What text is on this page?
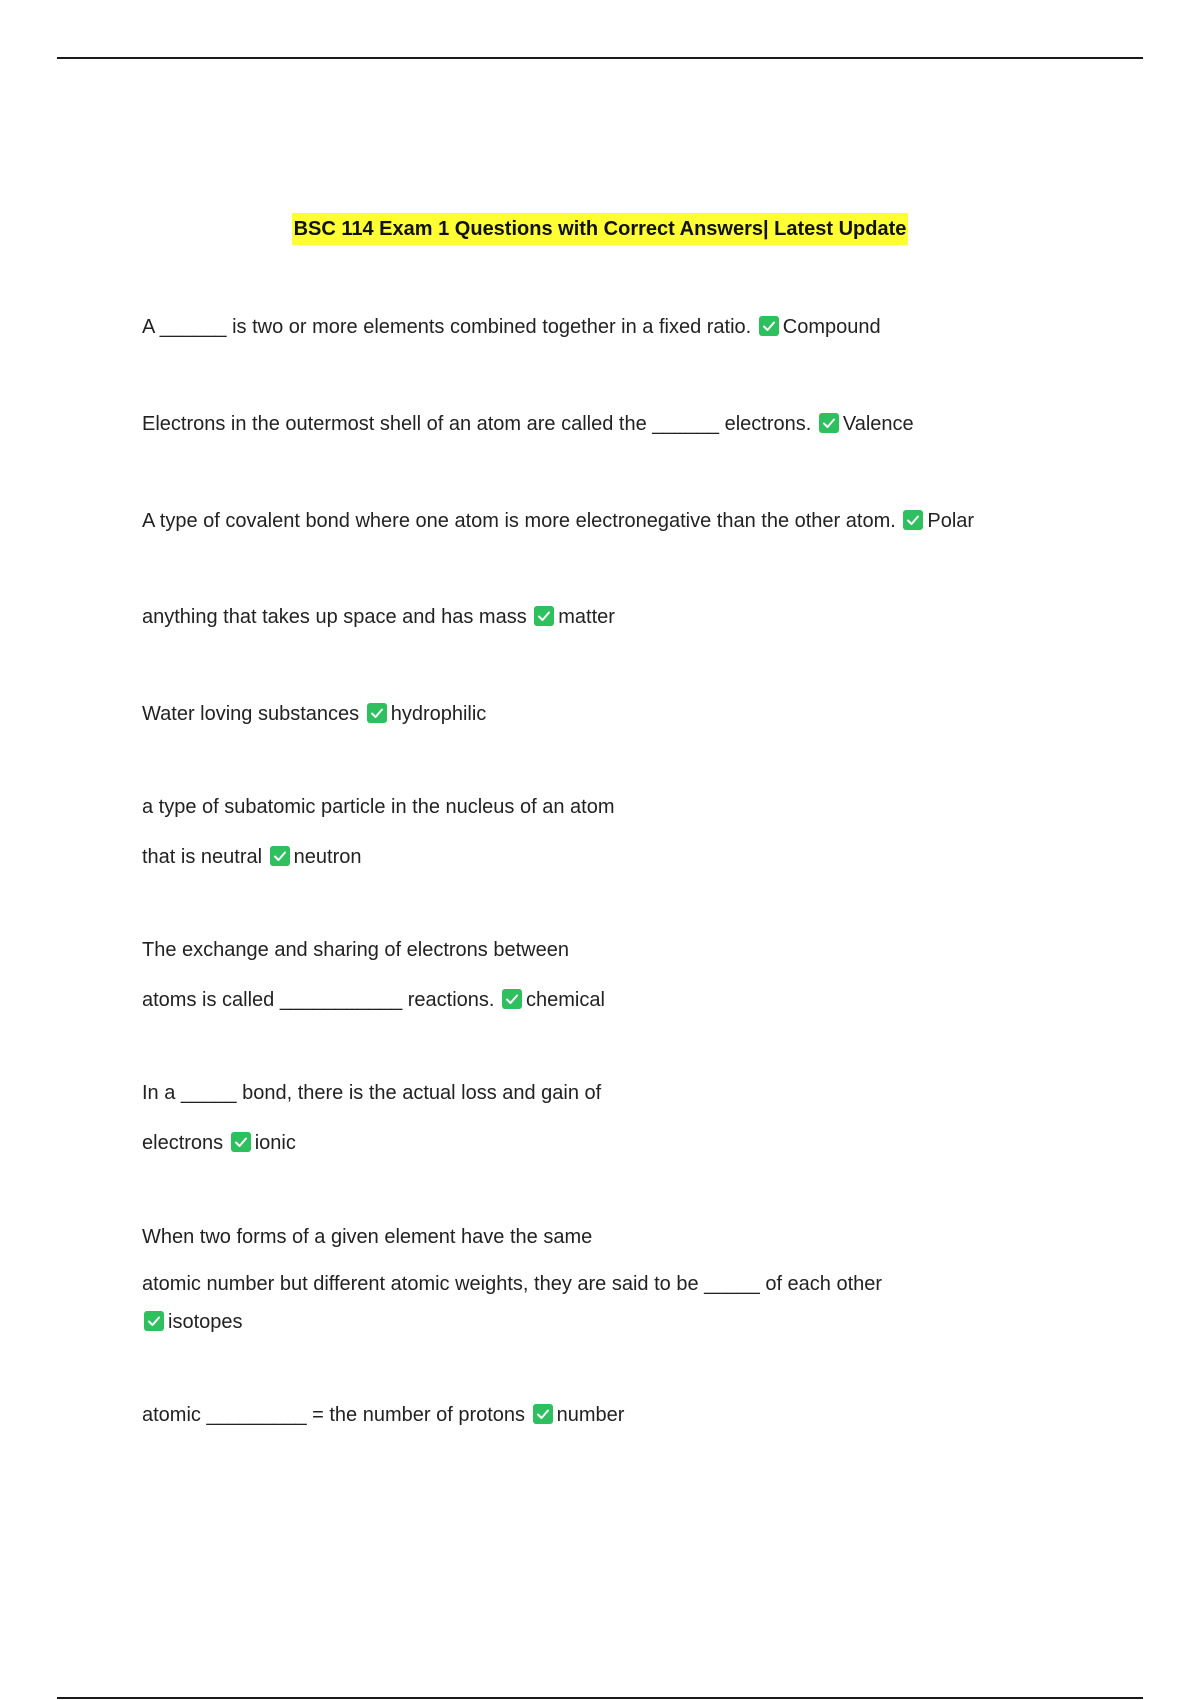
BSC 114 Exam 1 Questions with Correct Answers| Latest Update
A ______ is two or more elements combined together in a fixed ratio. Compound
Electrons in the outermost shell of an atom are called the ______ electrons. Valence
A type of covalent bond where one atom is more electronegative than the other atom. Polar
anything that takes up space and has mass matter
Water loving substances hydrophilic
a type of subatomic particle in the nucleus of an atom
that is neutral neutron
The exchange and sharing of electrons between
atoms is called ___________ reactions. chemical
In a _____ bond, there is the actual loss and gain of
electrons ionic
When two forms of a given element have the same
atomic number but different atomic weights, they are said to be _____ of each other
isotopes
atomic _________ = the number of protons number
